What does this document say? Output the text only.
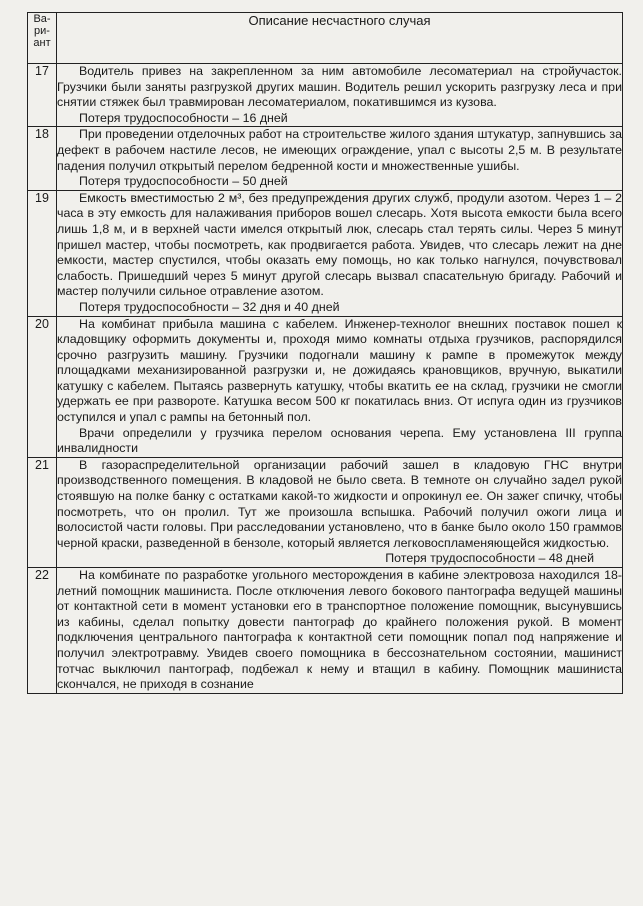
Ва-
ри-
ант	Описание несчастного случая
17	Водитель привез на закрепленном за ним автомобиле лесоматериал на стройучасток. Грузчики были заняты разгрузкой других машин. Водитель решил ускорить разгрузку леса и при снятии стяжек был травмирован лесоматериалом, покатившимся из кузова.

Потеря трудоспособности – 16 дней

18	При проведении отделочных работ на строительстве жилого здания штукатур, запнувшись за дефект в рабочем настиле лесов, не имеющих ограждение, упал с высоты 2,5 м. В результате падения получил открытый перелом бедренной кости и множественные ушибы.

Потеря трудоспособности – 50 дней

19	Емкость вместимостью 2 м³, без предупреждения других служб, продули азотом. Через 1 – 2 часа в эту емкость для налаживания приборов вошел слесарь. Хотя высота емкости была всего лишь 1,8 м, и в верхней части имелся открытый люк, слесарь стал терять силы. Через 5 минут пришел мастер, чтобы посмотреть, как продвигается работа. Увидев, что слесарь лежит на дне емкости, мастер спустился, чтобы оказать ему помощь, но как только нагнулся, почувствовал слабость. Пришедший через 5 минут другой слесарь вызвал спасательную бригаду. Рабочий и мастер получили сильное отравление азотом.

Потеря трудоспособности – 32 дня и 40 дней

20	На комбинат прибыла машина с кабелем. Инженер-технолог внешних поставок пошел к кладовщику оформить документы и, проходя мимо комнаты отдыха грузчиков, распорядился срочно разгрузить машину. Грузчики подогнали машину к рампе в промежуток между площадками механизированной разгрузки и, не дожидаясь крановщиков, вручную, выкатили катушку с кабелем. Пытаясь развернуть катушку, чтобы вкатить ее на склад, грузчики не смогли удержать ее при развороте. Катушка весом 500 кг покатилась вниз. От испуга один из грузчиков оступился и упал с рампы на бетонный пол.

Врачи определили у грузчика перелом основания черепа. Ему установлена III группа инвалидности

21	В газораспределительной организации рабочий зашел в кладовую ГНС внутри производственного помещения. В кладовой не было света. В темноте он случайно задел рукой стоявшую на полке банку с остатками какой-то жидкости и опрокинул ее. Он зажег спичку, чтобы посмотреть, что он пролил. Тут же произошла вспышка. Рабочий получил ожоги лица и волосистой части головы. При расследовании установлено, что в банке было около 150 граммов черной краски, разведенной в бензоле, который является легковоспламеняющейся жидкостью.
Потеря трудоспособности – 48 дней

22	На комбинате по разработке угольного месторождения в кабине электровоза находился 18-летний помощник машиниста. После отключения левого бокового пантографа ведущей машины от контактной сети в момент установки его в транспортное положение помощник, высунувшись из кабины, сделал попытку довести пантограф до крайнего положения рукой. В момент подключения центрального пантографа к контактной сети помощник попал под напряжение и получил электротравму. Увидев своего помощника в бессознательном состоянии, машинист тотчас выключил пантограф, подбежал к нему и втащил в кабину. Помощник машиниста скончался, не приходя в сознание
